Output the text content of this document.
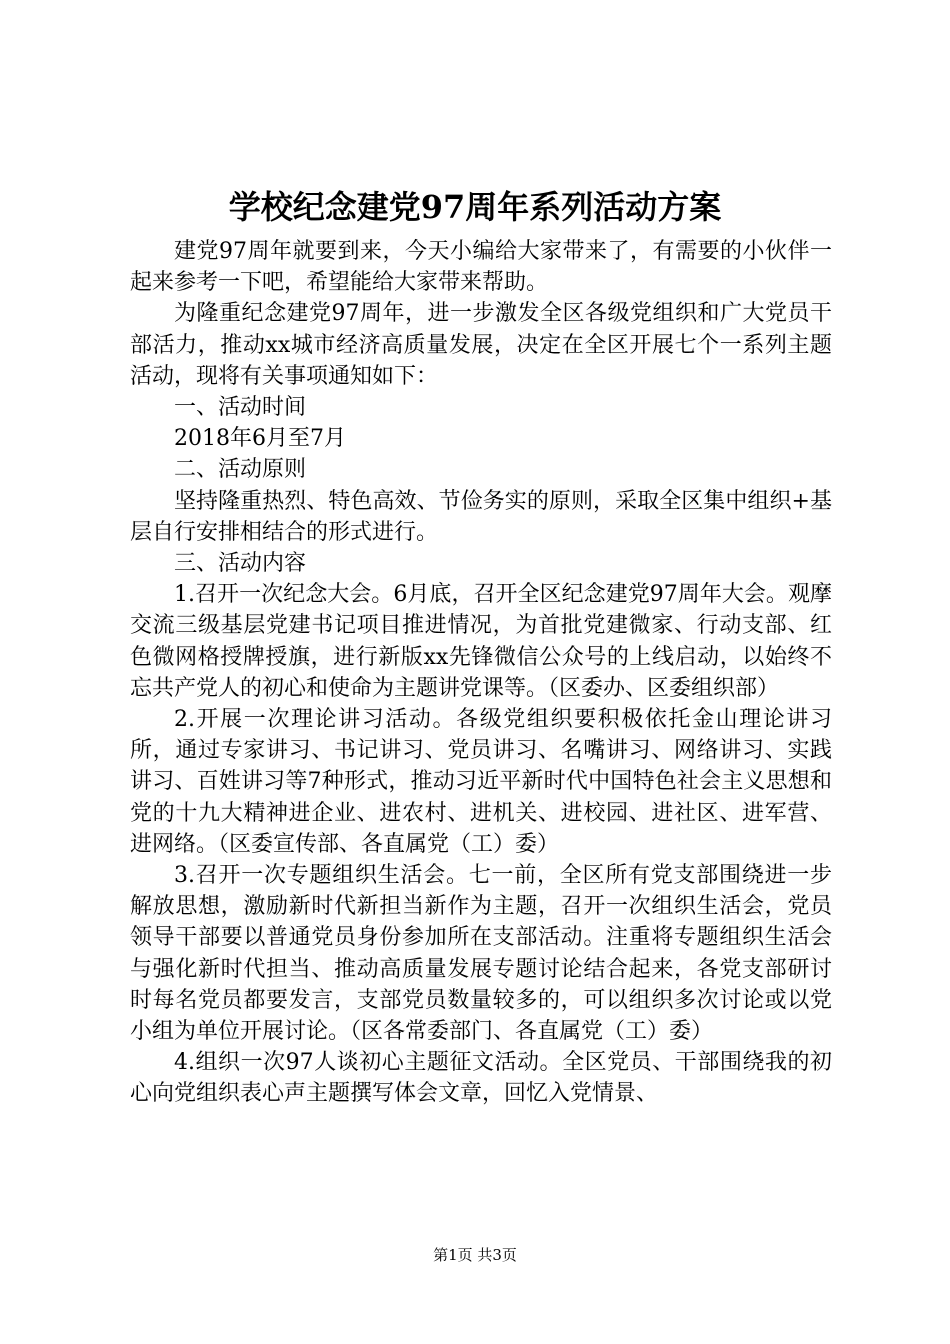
学校纪念建党97周年系列活动方案

建党97周年就要到来，今天小编给大家带来了，有需要的小伙伴一起来参考一下吧，希望能给大家带来帮助。

为隆重纪念建党97周年，进一步激发全区各级党组织和广大党员干部活力，推动xx城市经济高质量发展，决定在全区开展七个一系列主题活动，现将有关事项通知如下：

一、活动时间

2018年6月至7月

二、活动原则

坚持隆重热烈、特色高效、节俭务实的原则，采取全区集中组织+基层自行安排相结合的形式进行。

三、活动内容

1.召开一次纪念大会。6月底，召开全区纪念建党97周年大会。观摩交流三级基层党建书记项目推进情况，为首批党建微家、行动支部、红色微网格授牌授旗，进行新版xx先锋微信公众号的上线启动，以始终不忘共产党人的初心和使命为主题讲党课等。（区委办、区委组织部）

2.开展一次理论讲习活动。各级党组织要积极依托金山理论讲习所，通过专家讲习、书记讲习、党员讲习、名嘴讲习、网络讲习、实践讲习、百姓讲习等7种形式，推动习近平新时代中国特色社会主义思想和党的十九大精神进企业、进农村、进机关、进校园、进社区、进军营、进网络。（区委宣传部、各直属党（工）委）

3.召开一次专题组织生活会。七一前，全区所有党支部围绕进一步解放思想，激励新时代新担当新作为主题，召开一次组织生活会，党员领导干部要以普通党员身份参加所在支部活动。注重将专题组织生活会与强化新时代担当、推动高质量发展专题讨论结合起来，各党支部研讨时每名党员都要发言，支部党员数量较多的，可以组织多次讨论或以党小组为单位开展讨论。（区各常委部门、各直属党（工）委）

4.组织一次97人谈初心主题征文活动。全区党员、干部围绕我的初心向党组织表心声主题撰写体会文章，回忆入党情景、

第1页 共3页
